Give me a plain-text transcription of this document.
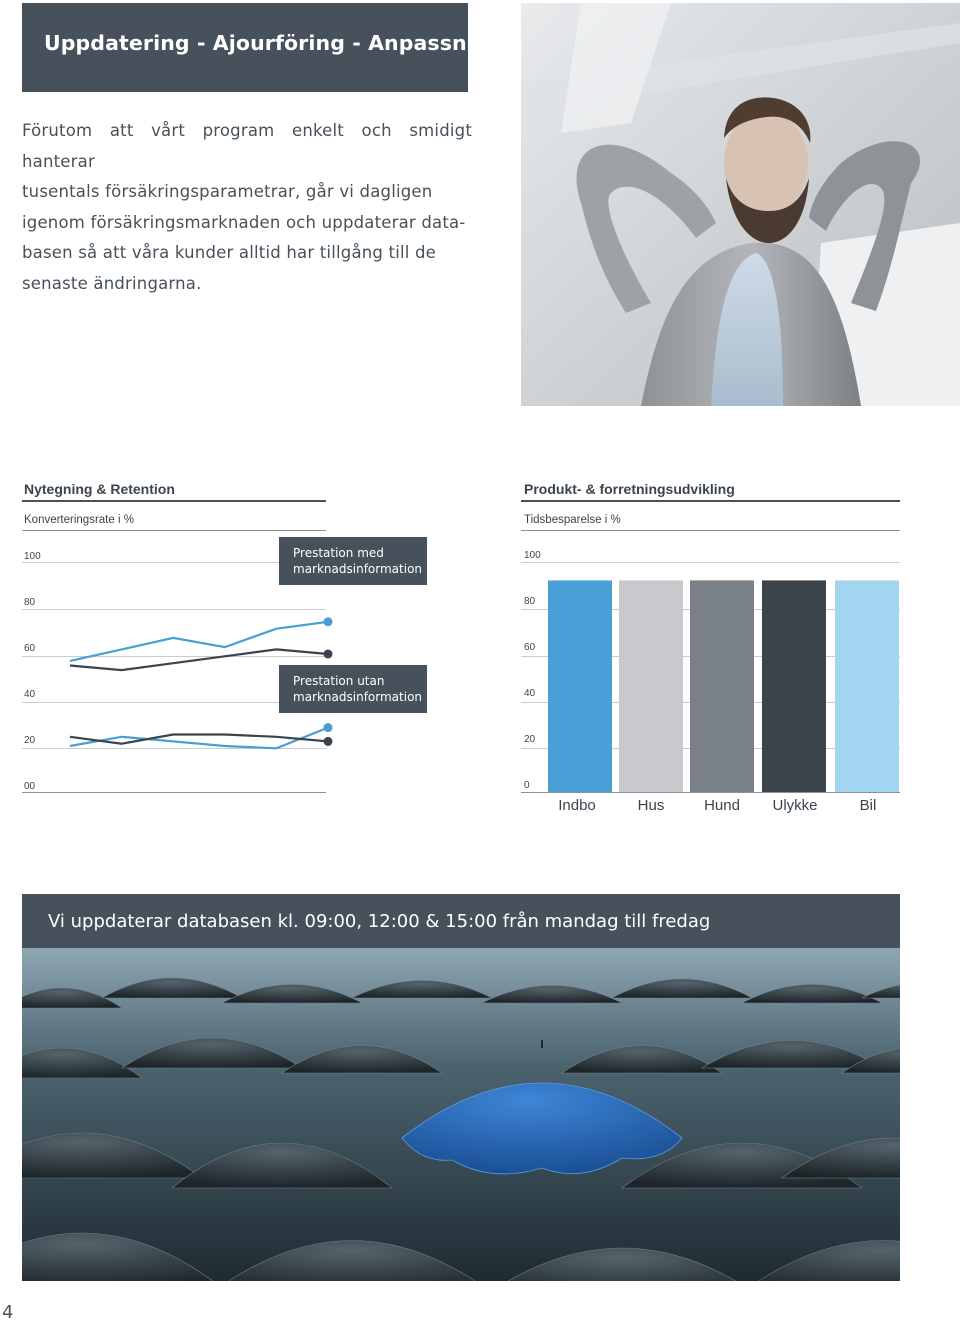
Uppdatering - Ajourföring - Anpassning

Förutom att vårt program enkelt och smidigt hanterar
tusentals försäkringsparametrar, går vi dagligen
igenom försäkringsmarknaden och uppdaterar data-
basen så att våra kunder alltid har tillgång till de
senaste ändringarna.

Nytegning & Retention
Konverteringsrate i %
100
80
60
40
20
00
Prestation med
marknadsinformation
Prestation utan
marknadsinformation
Produkt- & forretningsudvikling
Tidsbesparelse i %
100
80
60
40
20
0
Indbo	Hus	Hund	Ulykke	Bil
Vi uppdaterar databasen kl. 09:00, 12:00 & 15:00 från mandag till fredag
4
